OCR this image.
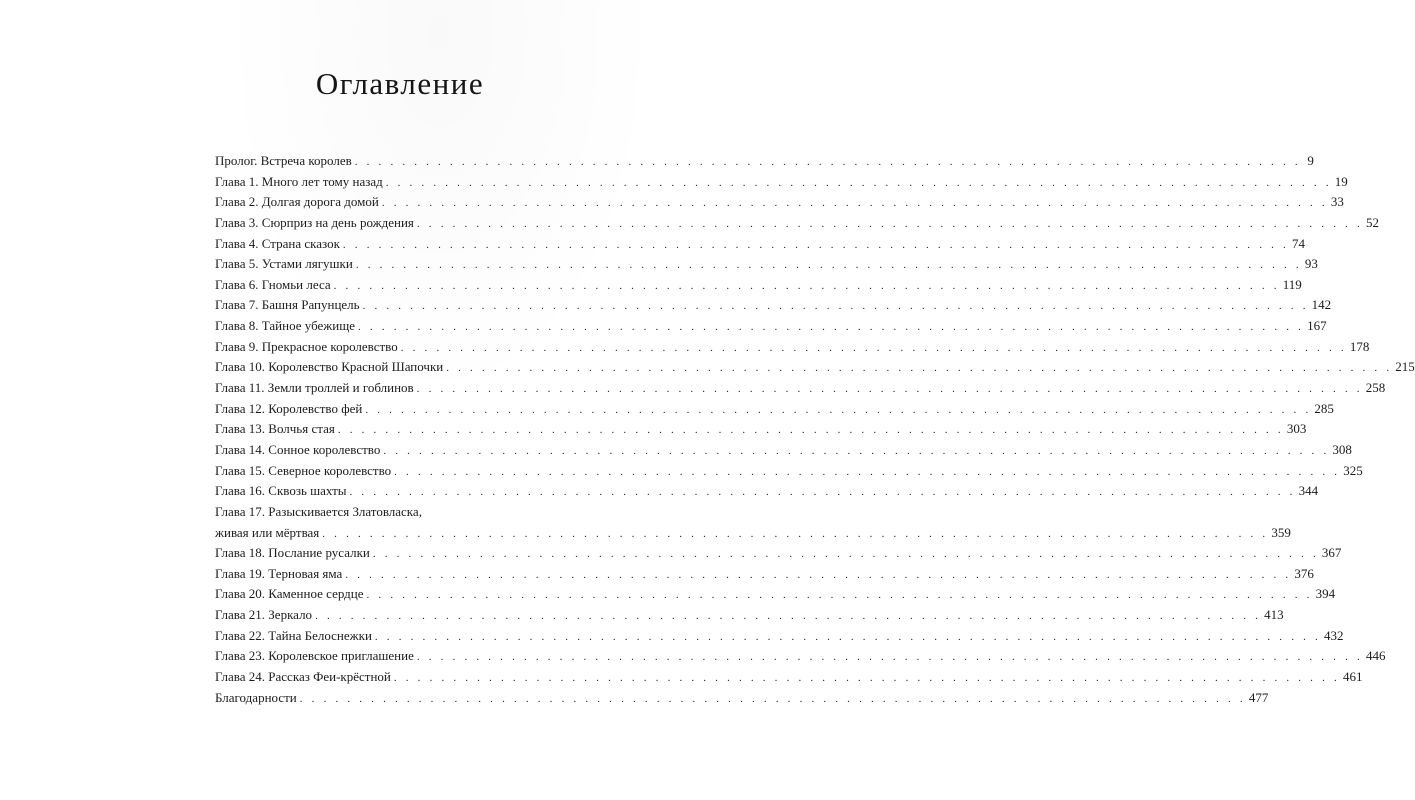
Оглавление
Пролог. Встреча королев . . . . . . . . . . . . . . . . . . . . . . . . . . . . . . . . . . . . . . . . . . . . . . . . . . . . . . . . . . . . . . . . . . . . . . . . . . . . . . . . 9
Глава 1. Много лет тому назад . . . . . . . . . . . . . . . . . . . . . . . . . . . . . . . . . . . . . . . . . . . . . . . . . . . . . . . . . . . . . . . . . . . . . . . . . . . . . . . . 19
Глава 2. Долгая дорога домой . . . . . . . . . . . . . . . . . . . . . . . . . . . . . . . . . . . . . . . . . . . . . . . . . . . . . . . . . . . . . . . . . . . . . . . . . . . . . . . . 33
Глава 3. Сюрприз на день рождения . . . . . . . . . . . . . . . . . . . . . . . . . . . . . . . . . . . . . . . . . . . . . . . . . . . . . . . . . . . . . . . . . . . . . . . . . . . . . . . . 52
Глава 4. Страна сказок . . . . . . . . . . . . . . . . . . . . . . . . . . . . . . . . . . . . . . . . . . . . . . . . . . . . . . . . . . . . . . . . . . . . . . . . . . . . . . . . 74
Глава 5. Устами лягушки . . . . . . . . . . . . . . . . . . . . . . . . . . . . . . . . . . . . . . . . . . . . . . . . . . . . . . . . . . . . . . . . . . . . . . . . . . . . . . . . 93
Глава 6. Гномьи леса . . . . . . . . . . . . . . . . . . . . . . . . . . . . . . . . . . . . . . . . . . . . . . . . . . . . . . . . . . . . . . . . . . . . . . . . . . . . . . . . 119
Глава 7. Башня Рапунцель . . . . . . . . . . . . . . . . . . . . . . . . . . . . . . . . . . . . . . . . . . . . . . . . . . . . . . . . . . . . . . . . . . . . . . . . . . . . . . . . 142
Глава 8. Тайное убежище . . . . . . . . . . . . . . . . . . . . . . . . . . . . . . . . . . . . . . . . . . . . . . . . . . . . . . . . . . . . . . . . . . . . . . . . . . . . . . . . 167
Глава 9. Прекрасное королевство . . . . . . . . . . . . . . . . . . . . . . . . . . . . . . . . . . . . . . . . . . . . . . . . . . . . . . . . . . . . . . . . . . . . . . . . . . . . . . . . 178
Глава 10. Королевство Красной Шапочки . . . . . . . . . . . . . . . . . . . . . . . . . . . . . . . . . . . . . . . . . . . . . . . . . . . . . . . . . . . . . . . . . . . . . . . . . . . . . . . . 215
Глава 11. Земли троллей и гоблинов . . . . . . . . . . . . . . . . . . . . . . . . . . . . . . . . . . . . . . . . . . . . . . . . . . . . . . . . . . . . . . . . . . . . . . . . . . . . . . . . 258
Глава 12. Королевство фей . . . . . . . . . . . . . . . . . . . . . . . . . . . . . . . . . . . . . . . . . . . . . . . . . . . . . . . . . . . . . . . . . . . . . . . . . . . . . . . . 285
Глава 13. Волчья стая . . . . . . . . . . . . . . . . . . . . . . . . . . . . . . . . . . . . . . . . . . . . . . . . . . . . . . . . . . . . . . . . . . . . . . . . . . . . . . . . 303
Глава 14. Сонное королевство . . . . . . . . . . . . . . . . . . . . . . . . . . . . . . . . . . . . . . . . . . . . . . . . . . . . . . . . . . . . . . . . . . . . . . . . . . . . . . . . 308
Глава 15. Северное королевство . . . . . . . . . . . . . . . . . . . . . . . . . . . . . . . . . . . . . . . . . . . . . . . . . . . . . . . . . . . . . . . . . . . . . . . . . . . . . . . . 325
Глава 16. Сквозь шахты . . . . . . . . . . . . . . . . . . . . . . . . . . . . . . . . . . . . . . . . . . . . . . . . . . . . . . . . . . . . . . . . . . . . . . . . . . . . . . . . 344
Глава 17. Разыскивается Златовласка,
живая или мёртвая . . . . . . . . . . . . . . . . . . . . . . . . . . . . . . . . . . . . . . . . . . . . . . . . . . . . . . . . . . . . . . . . . . . . . . . . . . . . . . . . 359
Глава 18. Послание русалки . . . . . . . . . . . . . . . . . . . . . . . . . . . . . . . . . . . . . . . . . . . . . . . . . . . . . . . . . . . . . . . . . . . . . . . . . . . . . . . . 367
Глава 19. Терновая яма . . . . . . . . . . . . . . . . . . . . . . . . . . . . . . . . . . . . . . . . . . . . . . . . . . . . . . . . . . . . . . . . . . . . . . . . . . . . . . . . 376
Глава 20. Каменное сердце . . . . . . . . . . . . . . . . . . . . . . . . . . . . . . . . . . . . . . . . . . . . . . . . . . . . . . . . . . . . . . . . . . . . . . . . . . . . . . . . 394
Глава 21. Зеркало . . . . . . . . . . . . . . . . . . . . . . . . . . . . . . . . . . . . . . . . . . . . . . . . . . . . . . . . . . . . . . . . . . . . . . . . . . . . . . . . 413
Глава 22. Тайна Белоснежки . . . . . . . . . . . . . . . . . . . . . . . . . . . . . . . . . . . . . . . . . . . . . . . . . . . . . . . . . . . . . . . . . . . . . . . . . . . . . . . . 432
Глава 23. Королевское приглашение . . . . . . . . . . . . . . . . . . . . . . . . . . . . . . . . . . . . . . . . . . . . . . . . . . . . . . . . . . . . . . . . . . . . . . . . . . . . . . . . 446
Глава 24. Рассказ Феи-крёстной . . . . . . . . . . . . . . . . . . . . . . . . . . . . . . . . . . . . . . . . . . . . . . . . . . . . . . . . . . . . . . . . . . . . . . . . . . . . . . . . 461
Благодарности . . . . . . . . . . . . . . . . . . . . . . . . . . . . . . . . . . . . . . . . . . . . . . . . . . . . . . . . . . . . . . . . . . . . . . . . . . . . . . . . 477
